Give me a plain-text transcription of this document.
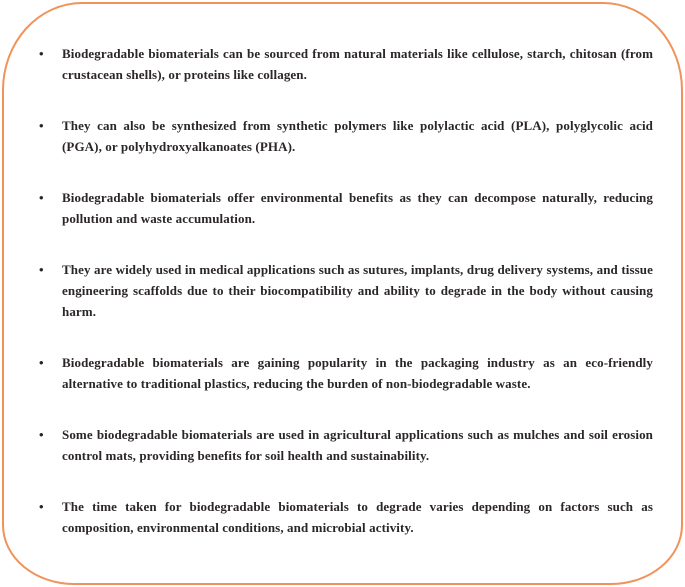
•	Biodegradable biomaterials can be sourced from natural materials like cellulose, starch, chitosan (from crustacean shells), or proteins like collagen.

•	They can also be synthesized from synthetic polymers like polylactic acid (PLA), polyglycolic acid (PGA), or polyhydroxyalkanoates (PHA).

•	Biodegradable biomaterials offer environmental benefits as they can decompose naturally, reducing pollution and waste accumulation.

•	They are widely used in medical applications such as sutures, implants, drug delivery systems, and tissue engineering scaffolds due to their biocompatibility and ability to degrade in the body without causing harm.

•	Biodegradable biomaterials are gaining popularity in the packaging industry as an eco-friendly alternative to traditional plastics, reducing the burden of non-biodegradable waste.

•	Some biodegradable biomaterials are used in agricultural applications such as mulches and soil erosion control mats, providing benefits for soil health and sustainability.

•	The time taken for biodegradable biomaterials to degrade varies depending on factors such as composition, environmental conditions, and microbial activity.
